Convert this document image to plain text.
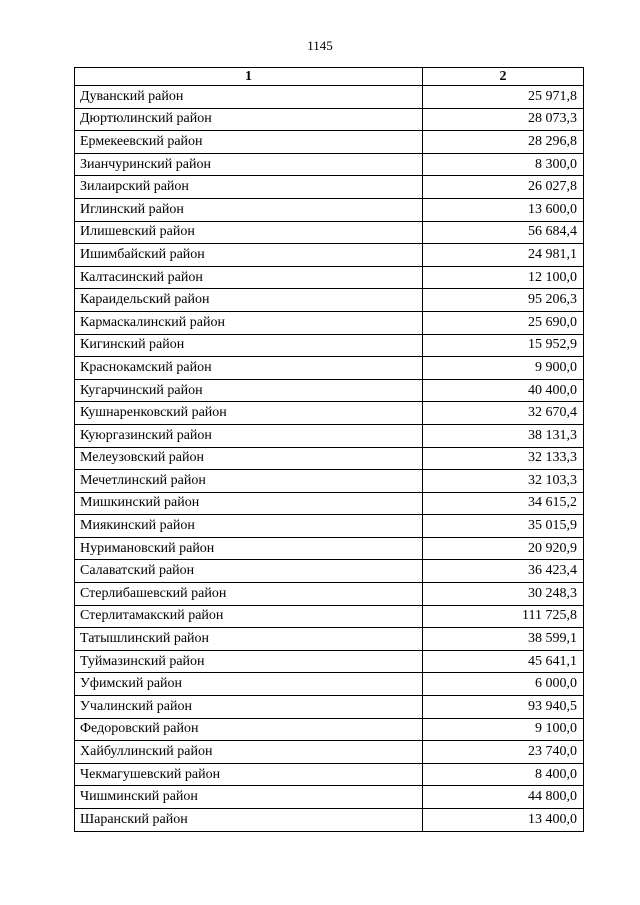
1145
1	2
Дуванский район	25 971,8
Дюртюлинский район	28 073,3
Ермекеевский район	28 296,8
Зианчуринский район	8 300,0
Зилаирский район	26 027,8
Иглинский район	13 600,0
Илишевский район	56 684,4
Ишимбайский район	24 981,1
Калтасинский район	12 100,0
Караидельский район	95 206,3
Кармаскалинский район	25 690,0
Кигинский район	15 952,9
Краснокамский район	9 900,0
Кугарчинский район	40 400,0
Кушнаренковский район	32 670,4
Куюргазинский район	38 131,3
Мелеузовский район	32 133,3
Мечетлинский район	32 103,3
Мишкинский район	34 615,2
Миякинский район	35 015,9
Нуримановский район	20 920,9
Салаватский район	36 423,4
Стерлибашевский район	30 248,3
Стерлитамакский район	111 725,8
Татышлинский район	38 599,1
Туймазинский район	45 641,1
Уфимский район	6 000,0
Учалинский район	93 940,5
Федоровский район	9 100,0
Хайбуллинский район	23 740,0
Чекмагушевский район	8 400,0
Чишминский район	44 800,0
Шаранский район	13 400,0
